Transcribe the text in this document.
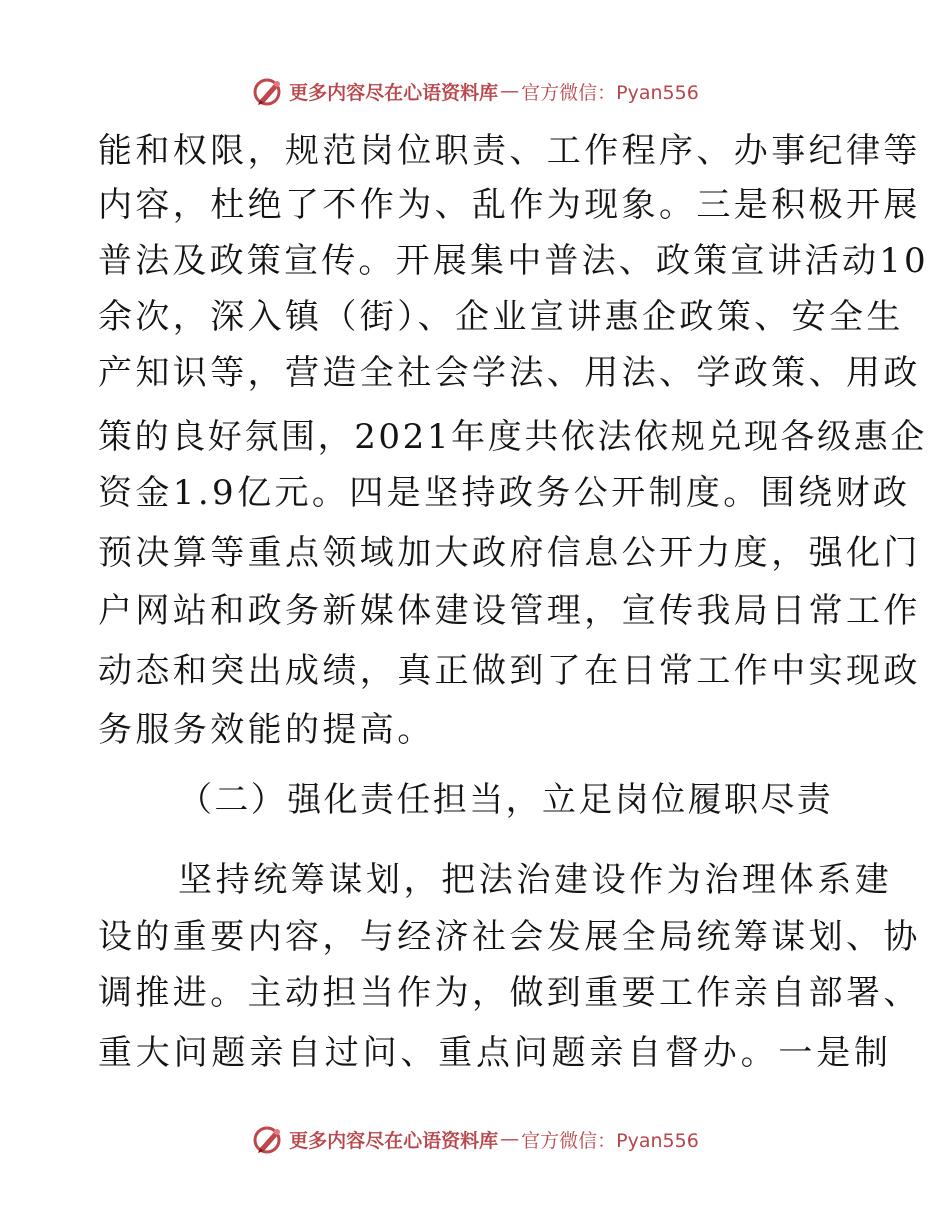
更多内容尽在心语资料库 — 官方微信：Pyan556
能和权限，规范岗位职责、工作程序、办事纪律等
内容，杜绝了不作为、乱作为现象。三是积极开展
普法及政策宣传。开展集中普法、政策宣讲活动10
余次，深入镇（街）、企业宣讲惠企政策、安全生
产知识等，营造全社会学法、用法、学政策、用政
策的良好氛围，2021年度共依法依规兑现各级惠企
资金1.9亿元。四是坚持政务公开制度。围绕财政
预决算等重点领域加大政府信息公开力度，强化门
户网站和政务新媒体建设管理，宣传我局日常工作
动态和突出成绩，真正做到了在日常工作中实现政
务服务效能的提高。
（二）强化责任担当，立足岗位履职尽责
坚持统筹谋划，把法治建设作为治理体系建
设的重要内容，与经济社会发展全局统筹谋划、协
调推进。主动担当作为，做到重要工作亲自部署、
重大问题亲自过问、重点问题亲自督办。一是制
更多内容尽在心语资料库 — 官方微信：Pyan556
